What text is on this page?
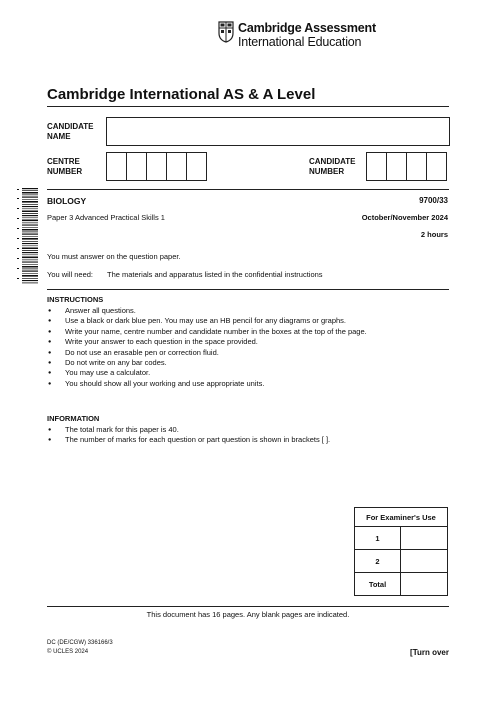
Cambridge Assessment
International Education
Cambridge International AS & A Level
CANDIDATE NAME
CENTRE NUMBER
CANDIDATE NUMBER
BIOLOGY	9700/33
Paper 3 Advanced Practical Skills 1	October/November 2024
2 hours
You must answer on the question paper.
You will need: The materials and apparatus listed in the confidential instructions
INSTRUCTIONS
● Answer all questions.
● Use a black or dark blue pen. You may use an HB pencil for any diagrams or graphs.
● Write your name, centre number and candidate number in the boxes at the top of the page.
● Write your answer to each question in the space provided.
● Do not use an erasable pen or correction fluid.
● Do not write on any bar codes.
● You may use a calculator.
● You should show all your working and use appropriate units.
INFORMATION
● The total mark for this paper is 40.
● The number of marks for each question or part question is shown in brackets [ ].
For Examiner's Use	
1	
2	
Total	
This document has 16 pages. Any blank pages are indicated.
DC (DE/CGW) 336166/3
© UCLES 2024	[Turn over
